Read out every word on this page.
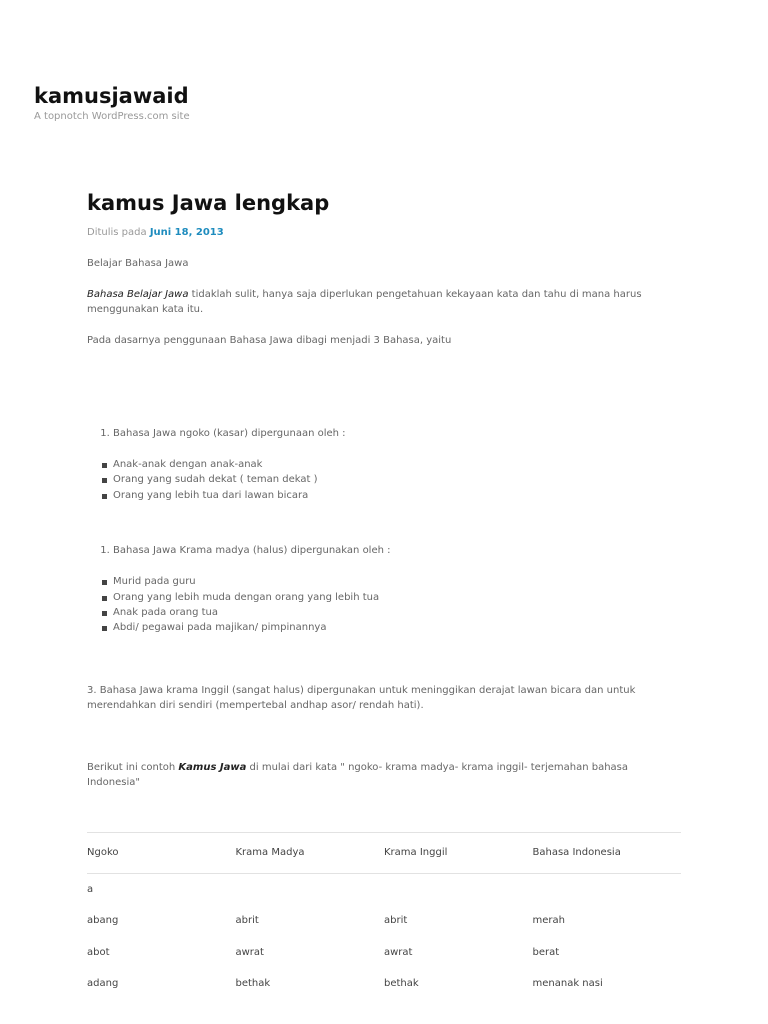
kamusjawaid
A topnotch WordPress.com site
kamus Jawa lengkap
Ditulis pada Juni 18, 2013

Belajar Bahasa Jawa

Bahasa Belajar Jawa tidaklah sulit, hanya saja diperlukan pengetahuan kekayaan kata dan tahu di mana harus menggunakan kata itu.

Pada dasarnya penggunaan Bahasa Jawa dibagi menjadi 3 Bahasa, yaitu

1. Bahasa Jawa ngoko (kasar) dipergunaan oleh :
Anak-anak dengan anak-anak
Orang yang sudah dekat ( teman dekat )
Orang yang lebih tua dari lawan bicara
1. Bahasa Jawa Krama madya (halus) dipergunakan oleh :
Murid pada guru
Orang yang lebih muda dengan orang yang lebih tua
Anak pada orang tua
Abdi/ pegawai pada majikan/ pimpinannya

3. Bahasa Jawa krama Inggil (sangat halus) dipergunakan untuk meninggikan derajat lawan bicara dan untuk merendahkan diri sendiri (mempertebal andhap asor/ rendah hati).

Berikut ini contoh Kamus Jawa di mulai dari kata " ngoko- krama madya- krama inggil- terjemahan bahasa Indonesia"

Ngoko	Krama Madya	Krama Inggil	Bahasa Indonesia
a			
abang	abrit	abrit	merah
abot	awrat	awrat	berat
adang	bethak	bethak	menanak nasi
